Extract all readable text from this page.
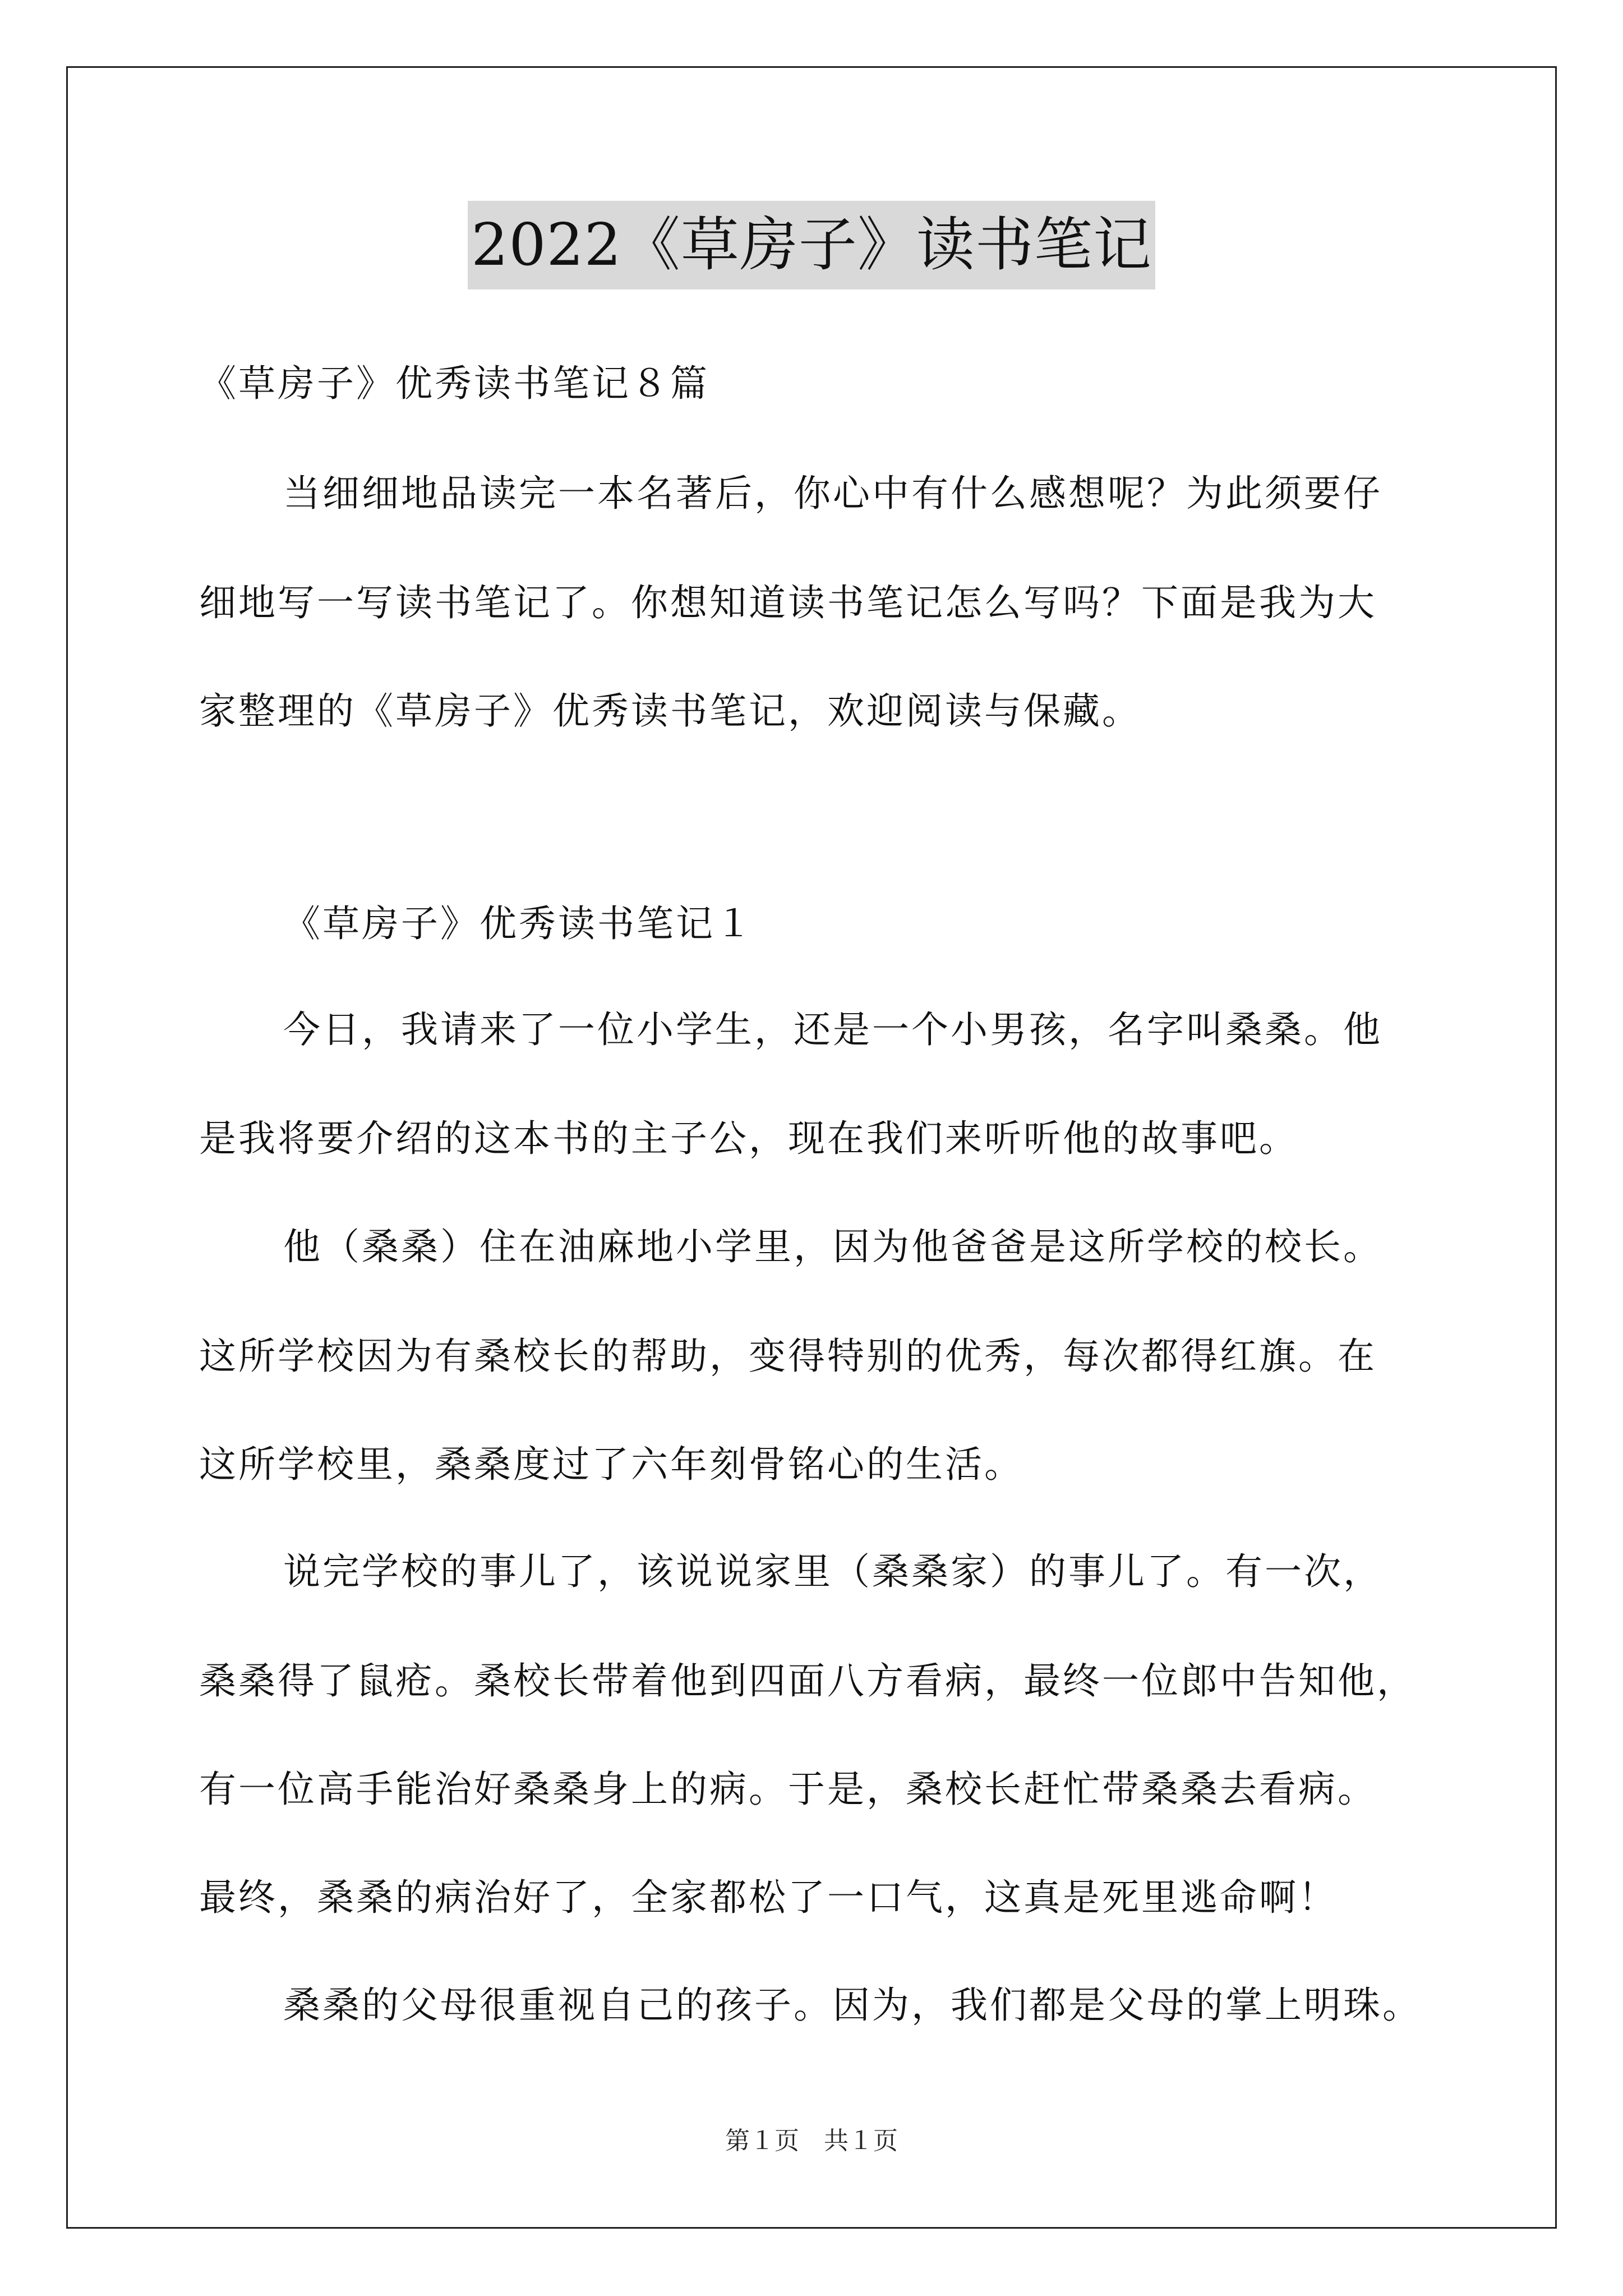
2022《草房子》读书笔记
《草房子》优秀读书笔记８篇
当细细地品读完一本名著后，你心中有什么感想呢？为此须要仔
细地写一写读书笔记了。你想知道读书笔记怎么写吗？下面是我为大
家整理的《草房子》优秀读书笔记，欢迎阅读与保藏。
《草房子》优秀读书笔记１
今日，我请来了一位小学生，还是一个小男孩，名字叫桑桑。他
是我将要介绍的这本书的主子公，现在我们来听听他的故事吧。
他（桑桑）住在油麻地小学里，因为他爸爸是这所学校的校长。
这所学校因为有桑校长的帮助，变得特别的优秀，每次都得红旗。在
这所学校里，桑桑度过了六年刻骨铭心的生活。
说完学校的事儿了，该说说家里（桑桑家）的事儿了。有一次，
桑桑得了鼠疮。桑校长带着他到四面八方看病，最终一位郎中告知他，
有一位高手能治好桑桑身上的病。于是，桑校长赶忙带桑桑去看病。
最终，桑桑的病治好了，全家都松了一口气，这真是死里逃命啊！
桑桑的父母很重视自己的孩子。因为，我们都是父母的掌上明珠。
第１页　共１页
